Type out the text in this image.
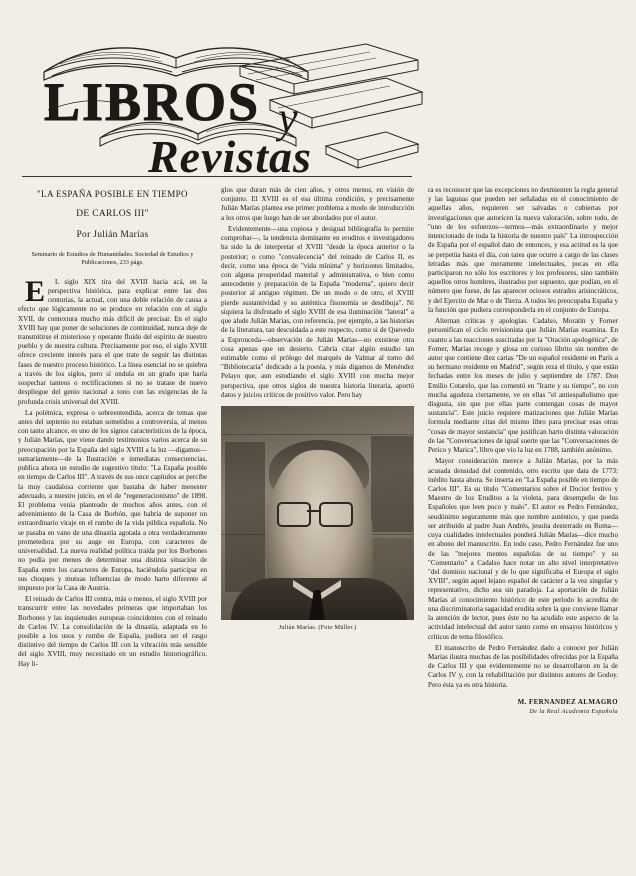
LIBROS y
Revistas
"LA ESPAÑA POSIBLE EN TIEMPO
DE CARLOS III"
Por Julián Marías
Seminario de Estudios de Humanidades. Sociedad de Estudios y Publicaciones, 233 págs.

E	L siglo XIX tira del XVIII hacia acá, en la perspectiva histórica, para explicar entre las dos centurias, la actual, con una doble relación de causa a efecto que lógicamente no se produce en relación con el siglo XVII, de contextura mucho más difícil de precisar. En el siglo XVIII hay que poner de soluciones de continuidad, nunca deje de transmitirse el misterioso y operante fluido del espíritu de nuestro pueblo y de nuestra cultura. Precisamente por eso, el siglo XVIII ofrece creciente interés para el que trate de seguir las distintas fases de nuestro proceso histórico. La línea esencial no se quiebra a través de los siglos, pero sí ondula en un grado que haría sospechar tanteos o rectificaciones si no se tratase de nuevo despliegue del genio nacional a tono con las exigencias de la profunda crisis universal del XVIII.

La polémica, expresa o sobreentendida, acerca de temas que antes del septenio no estaban sometidos a controversia, al menos con tanto alcance, es uno de los signos característicos de la época, y Julián Marías, que viene dando testimonios varios acerca de su preocupación por la España del siglo XVIII a la luz —digamos— sumariamente—de la Ilustración e inmediatas consecuencias, publica ahora un estudio de sugestivo título: "La España posible en tiempo de Carlos III". A través de sus once capítulos se percibe la muy caudalosa corriente que bastaba de haber menester adecuado, a nuestro juicio, en el de "regeneracionismo" de 1898. El problema venía planteado de muchos años antes, con el advenimiento de la Casa de Borbón, que habría de suponer un extraordinario viraje en el rumbo de la vida pública española. No se pasaba en vano de una dinastía agotada a otra verdaderamente prometedora por su auge en Europa, con caracteres de universalidad. La nueva realidad política traída por los Borbones no podía por menos de determinar una distinta situación de España entre los caracteres de Europa, haciéndola participar en sus choques y mutuas influencias de modo harto diferente al impuesto por la Casa de Austria.

El reinado de Carlos III centra, más o menos, el siglo XVIII por transcurrir entre las novedades primeras que importaban los Borbones y las inquietudes europeas coincidentes con el reinado de Carlos IV. La consolidación de la dinastía, adaptada en lo posible a los usos y rumbo de España, pudiera ser el rasgo distintivo del tiempo de Carlos III con la vibración más sensible del siglo XVIII, muy necesitado en un estudio historiográfico. Hay li-

glos que duran más de cien años, y otros menos, en visión de conjunto. El XVIII es el esa última condición, y precisamente Julián Marías plantea ese primer problema a modo de introducción a los otros que luego han de ser abordados por el autor.

Evidentemente—una copiosa y desigual bibliografía lo permite comprobar—, la tendencia dominante en eruditos e investigadores ha sido la de interpretar el XVIII "desde la época anterior o la posterior; o como "convalecencia" del reinado de Carlos II, es decir, como una época de "vida mínima" y horizontes limitados, con alguna prosperidad material y administrativa, o bien como antecedente y preparación de la España "moderna", quiero decir posterior al antiguo régimen. De un modo o de otro, el XVIII pierde sustantividad y su auténtica fisonomía se desdibuja". Ni siquiera la disfrutado el siglo XVIII de esa iluminación "lateral" a que alude Julián Marías, con referencia, por ejemplo, a las historias de la literatura, tan descuidada a este respecto, como si de Quevedo a Espronceda—observación de Julián Marías—no existiese otra cosa apenas que un desierto. Cabría citar algún estudio tan estimable como el prólogo del marqués de Valmar al tomo del "Bibliotecaria" dedicado a la poesía, y más digamos de Menéndez Pelayo que, aun estudiando el siglo XVIII con mucha mejor perspectiva, que otros siglos de nuestra historia literaria, aportó datos y juicios críticos de positivo valor. Pero hay

Julián Marías. (Foto Müller.)

ra es reconocer que las excepciones no desmienten la regla general y las lagunas que pueden ser señaladas en el conocimiento de aquellas años, requieren ser salvadas o cubiertas por investigaciones que autoricen la nueva valoración, sobre todo, de "uno de los esfuerzos—termos—más extraordinario y mejor intencionado de toda la historia de nuestro país" La introspección de España por el español dato de entonces, y esa actitud es la que se perpetúa hasta el día, con tares que ocurre a cargo de las clases letradas más que meramente intelectuales, pocas en ella participaron no sólo los escritores y los profesores, sino también aquellos otros hombres, ilustrados por supuesto, que podían, en el número que fuese, de las aparecer ociosos estrados aristocráticos, y del Ejercito de Mar o de Tierra. A todos les preocupaba España y la función que pudiera corresponderla en el conjunto de Europa.

Alternan críticas y apologías. Cadalso, Moratín y Forner personifican el ciclo revisionista que Julián Marías examina. En cuanto a las reacciones suscitadas por la "Oración apologética", de Forner, Marías recoge y glosa un curioso librito sin nombre de autor que contiene diez cartas "De un español residente en París a su hermano residente en Madrid", según reza el título, y que están fechadas entre los meses de julio y septiembre de 1787. Don Emilio Cotarelo, que las comentó en "Irarte y su tiempo", no con mucha agudeza ciertamente, ve en ellas "el antiespañolismo que disgusta, sin que por ellas parte contengan cosas de mayor sustancia". Este juicio requiere matizaciones que Julián Marías formula mediante citas del mismo libro para precisar esas otras "cosas de mayor sustancia" que justifican harto distinta valoración de las "Conversaciones de igual suerte que las "Conversaciones de Perico y Marica", libro que vio la luz en 1788, también anónimo.

Mayor consideración merece a Julián Marías, por la más acusada densidad del contenido, otro escrito que data de 1773: inédito hasta ahora. Se inserta en "La España posible en tiempo de Carlos III". Es su título "Comentarios sobre el Docior festivo y Maestro de los Eruditos a la violeta, para desempeño de los Españoles que leen poco y malo". El autor es Pedro Fernández, seudónimo seguramente más que nombre auténtico, y que pueda ser atribuido al padre Juan Andrés, jesuita desterrado en Roma—cuya cualidades intelectuales ponderá Julián Marías—dice mucho en abono del manuscrito. En todo caso, Pedro Fernández fue uno de las "mejores mentes españolas de su tiempo" y su "Comentario" a Cadalso hace notar un alto nivel interpretativo "del dominio nacional y de lo que significaba el Europa el siglo XVIII", según aquel lejano español de carácter a la vez singular y representativo, dicho sea sin paradoja. La aportación de Julián Marías al conocimiento histórico de este período lo acredita de una discriminatoria sagacidad erudita sobre la que conviene llamar la atención de lector, pues éste no ha acudido este aspecto de la actividad intelectual del autor tanto como en ensayos históricos y críticos de tema filosófico.

El manuscrito de Pedro Fernández dado a conocer por Julián Marías ilustra muchas de las posibilidades ofrecidas por la España de Carlos III y que evidentemente no se desarrollaron en la de Carlos IV y, con la rehabilitación por distintos autores de Godoy. Pero ésta ya es otra historia.

M. FERNANDEZ ALMAGRO
De la Real Academia Española
